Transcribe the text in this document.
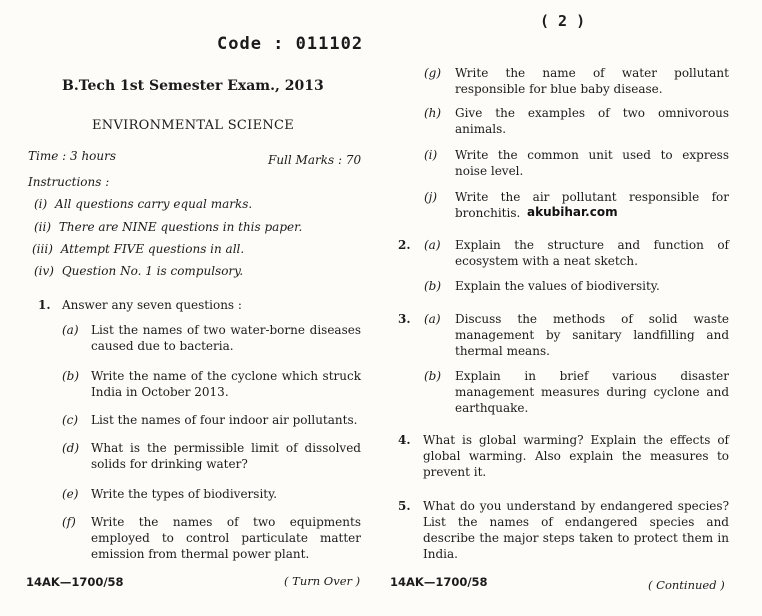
Code : 011102
B.Tech 1st Semester Exam., 2013
ENVIRONMENTAL SCIENCE
Time : 3 hours	Full Marks : 70
Instructions :
(i) All questions carry equal marks.
(ii) There are NINE questions in this paper.
(iii) Attempt FIVE questions in all.
(iv) Question No. 1 is compulsory.
1. Answer any seven questions :
(a) List the names of two water-borne diseases caused due to bacteria.
(b) Write the name of the cyclone which struck India in October 2013.
(c) List the names of four indoor air pollutants.
(d) What is the permissible limit of dissolved solids for drinking water?
(e) Write the types of biodiversity.
(f) Write the names of two equipments employed to control particulate matter emission from thermal power plant.
14AK—1700/58	( Turn Over )
( 2 )
(g) Write the name of water pollutant responsible for blue baby disease.
(h) Give the examples of two omnivorous animals.
(i) Write the common unit used to express noise level.
(j) Write the air pollutant responsible for bronchitis. akubihar.com
2. (a) Explain the structure and function of ecosystem with a neat sketch.
(b) Explain the values of biodiversity.
3. (a) Discuss the methods of solid waste management by sanitary landfilling and thermal means.
(b) Explain in brief various disaster management measures during cyclone and earthquake.
4. What is global warming? Explain the effects of global warming. Also explain the measures to prevent it.
5. What do you understand by endangered species? List the names of endangered species and describe the major steps taken to protect them in India.
14AK—1700/58	( Continued )
